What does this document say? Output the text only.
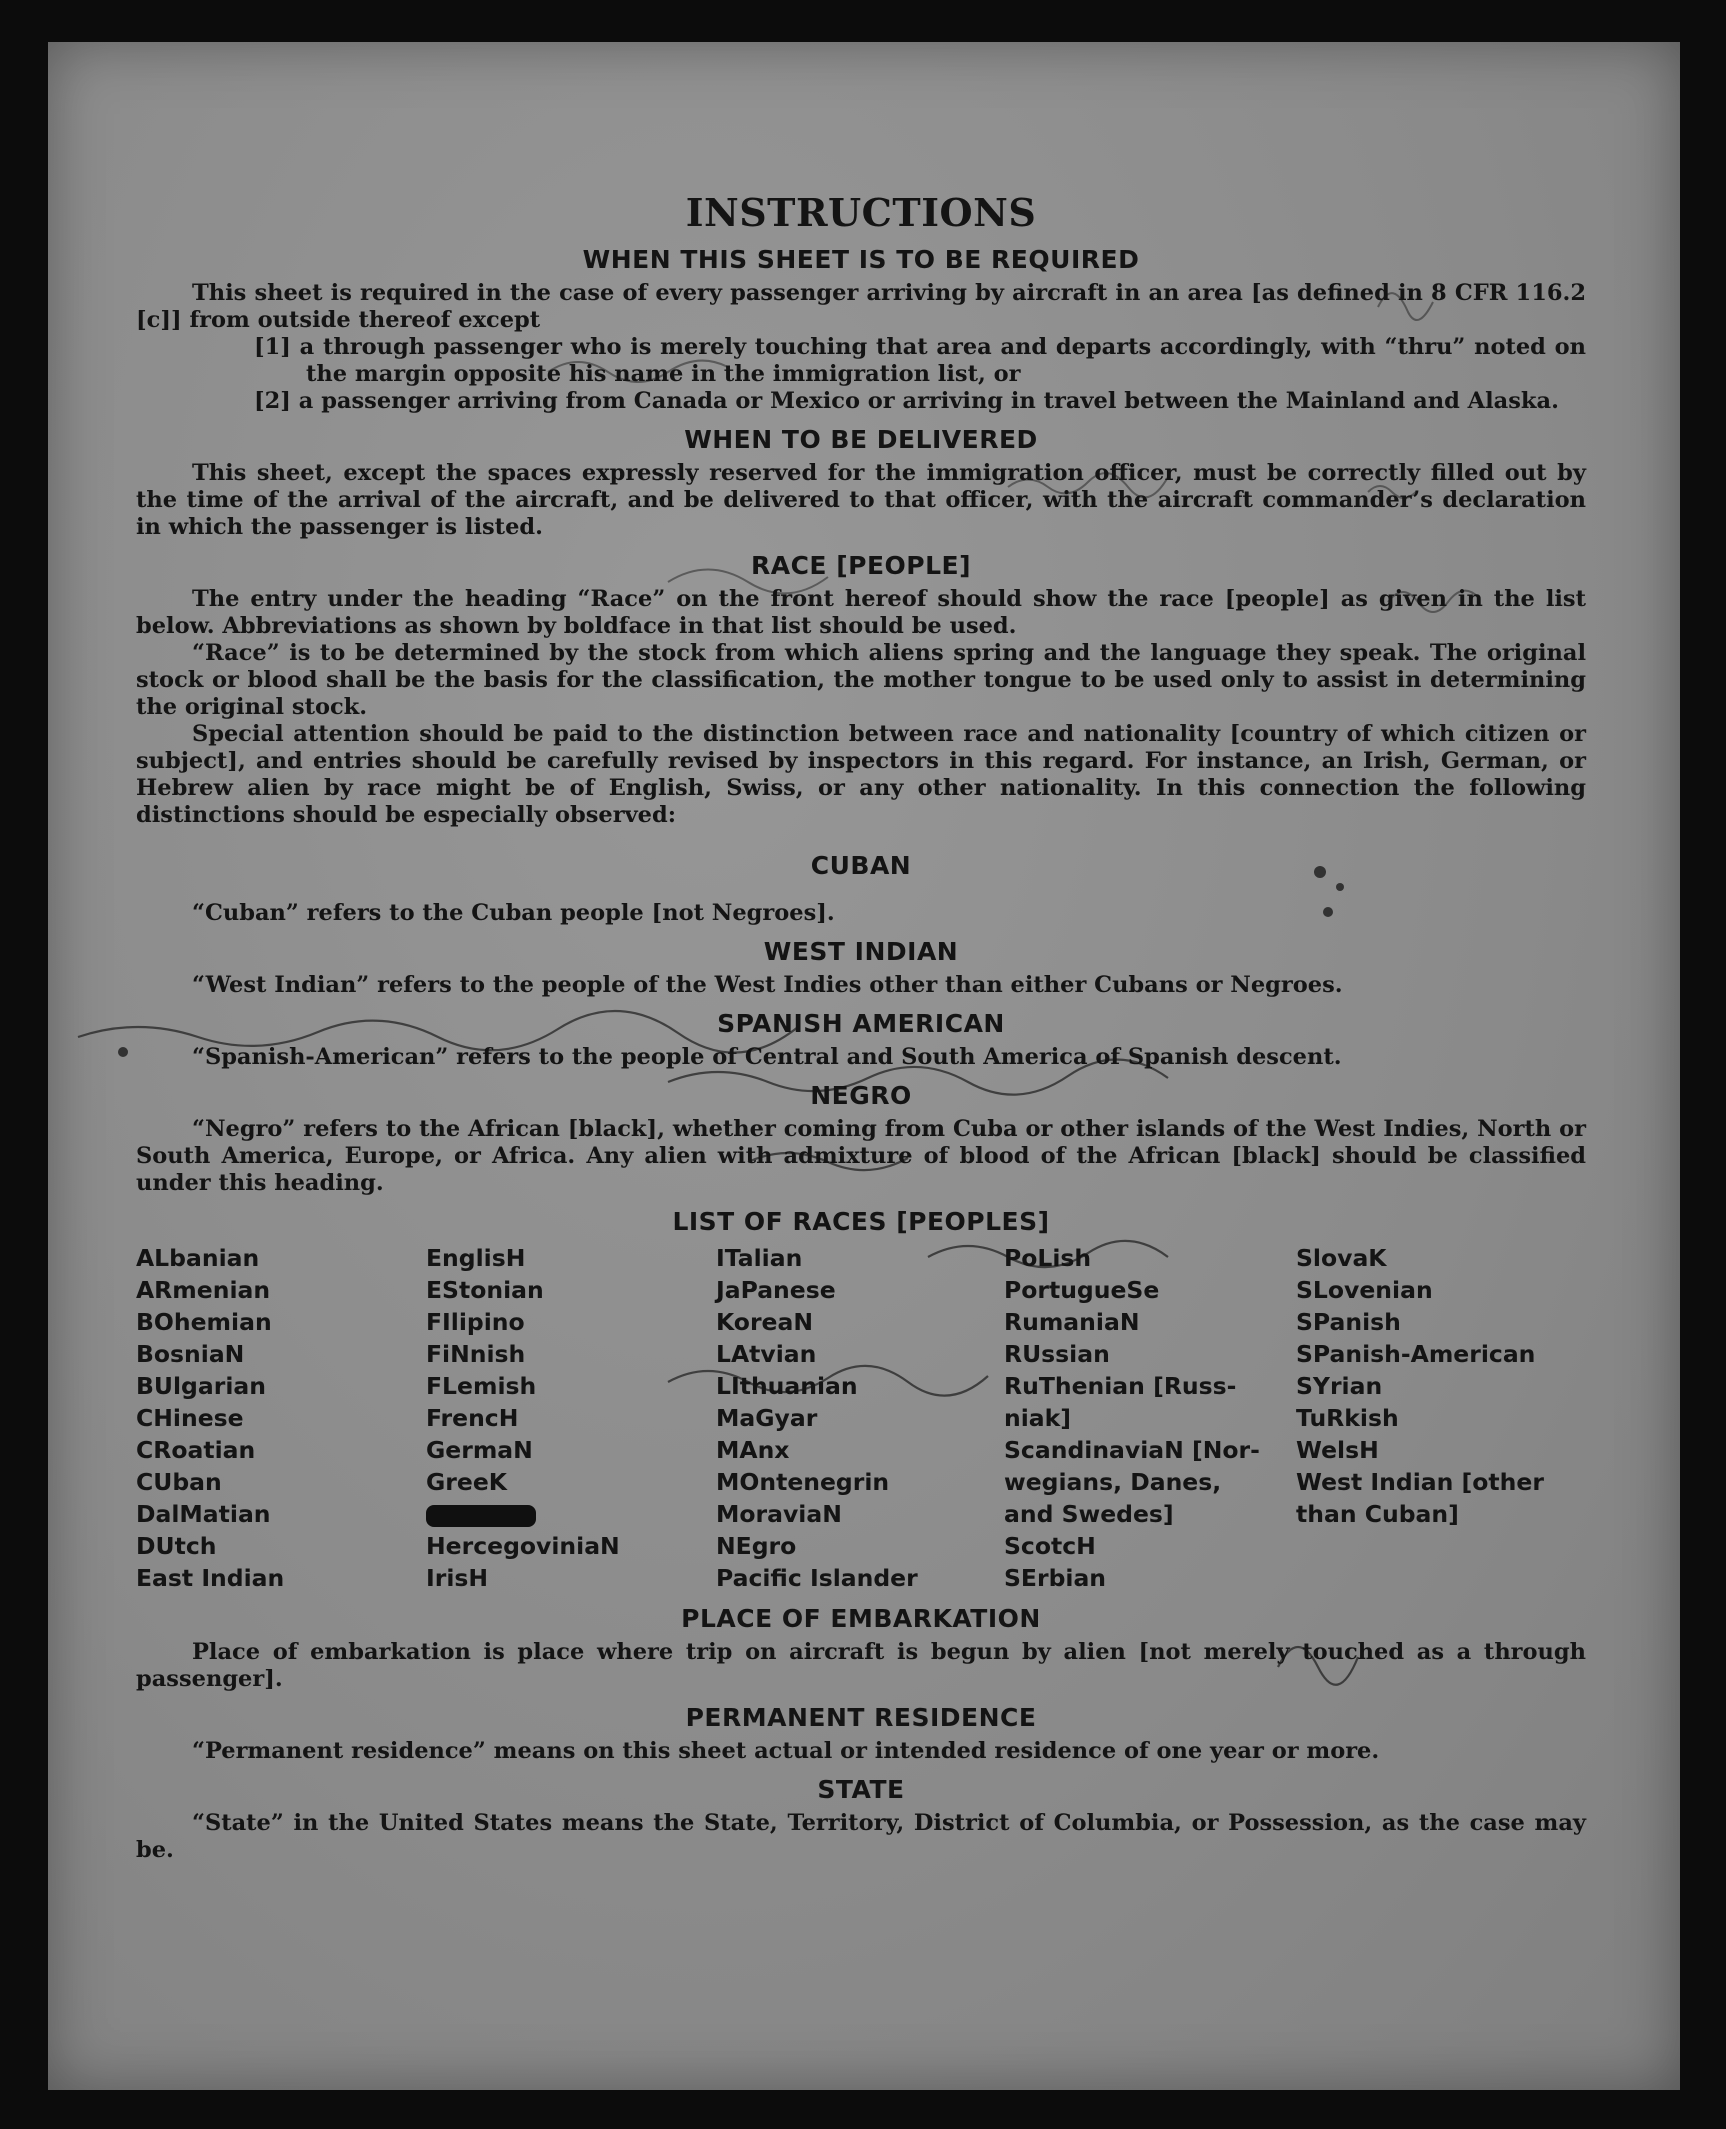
INSTRUCTIONS
WHEN THIS SHEET IS TO BE REQUIRED

This sheet is required in the case of every passenger arriving by aircraft in an area [as defined in 8 CFR 116.2 [c]] from outside thereof except

[1] a through passenger who is merely touching that area and departs accordingly, with “thru” noted on the margin opposite his name in the immigration list, or
[2] a passenger arriving from Canada or Mexico or arriving in travel between the Mainland and Alaska.
WHEN TO BE DELIVERED

This sheet, except the spaces expressly reserved for the immigration officer, must be correctly filled out by the time of the arrival of the aircraft, and be delivered to that officer, with the aircraft commander’s declaration in which the passenger is listed.

RACE [PEOPLE]

The entry under the heading “Race” on the front hereof should show the race [people] as given in the list below. Abbreviations as shown by boldface in that list should be used.

“Race” is to be determined by the stock from which aliens spring and the language they speak. The original stock or blood shall be the basis for the classification, the mother tongue to be used only to assist in determining the original stock.

Special attention should be paid to the distinction between race and nationality [country of which citizen or subject], and entries should be carefully revised by inspectors in this regard. For instance, an Irish, German, or Hebrew alien by race might be of English, Swiss, or any other nationality. In this connection the following distinctions should be especially observed:

CUBAN

“Cuban” refers to the Cuban people [not Negroes].

WEST INDIAN

“West Indian” refers to the people of the West Indies other than either Cubans or Negroes.

SPANISH AMERICAN

“Spanish-American” refers to the people of Central and South America of Spanish descent.

NEGRO

“Negro” refers to the African [black], whether coming from Cuba or other islands of the West Indies, North or South America, Europe, or Africa. Any alien with admixture of blood of the African [black] should be classified under this heading.

LIST OF RACES [PEOPLES]
ALbanian
ARmenian
BOhemian
BosniaN
BUlgarian
CHinese
CRoatian
CUban
DalMatian
DUtch
East Indian
EnglisH
EStonian
FIlipino
FiNnish
FLemish
FrencH
GermaN
GreeK
HercegoviniaN
IrisH
ITalian
JaPanese
KoreaN
LAtvian
LIthuanian
MaGyar
MAnx
MOntenegrin
MoraviaN
NEgro
Pacific Islander
PoLish
PortugueSe
RumaniaN
RUssian
RuThenian [Russ-
niak]
ScandinaviaN [Nor-
wegians, Danes,
and Swedes]
ScotcH
SErbian
SlovaK
SLovenian
SPanish
SPanish-American
SYrian
TuRkish
WelsH
West Indian [other
than Cuban]
PLACE OF EMBARKATION

Place of embarkation is place where trip on aircraft is begun by alien [not merely touched as a through passenger].

PERMANENT RESIDENCE

“Permanent residence” means on this sheet actual or intended residence of one year or more.

STATE

“State” in the United States means the State, Territory, District of Columbia, or Possession, as the case may be.
